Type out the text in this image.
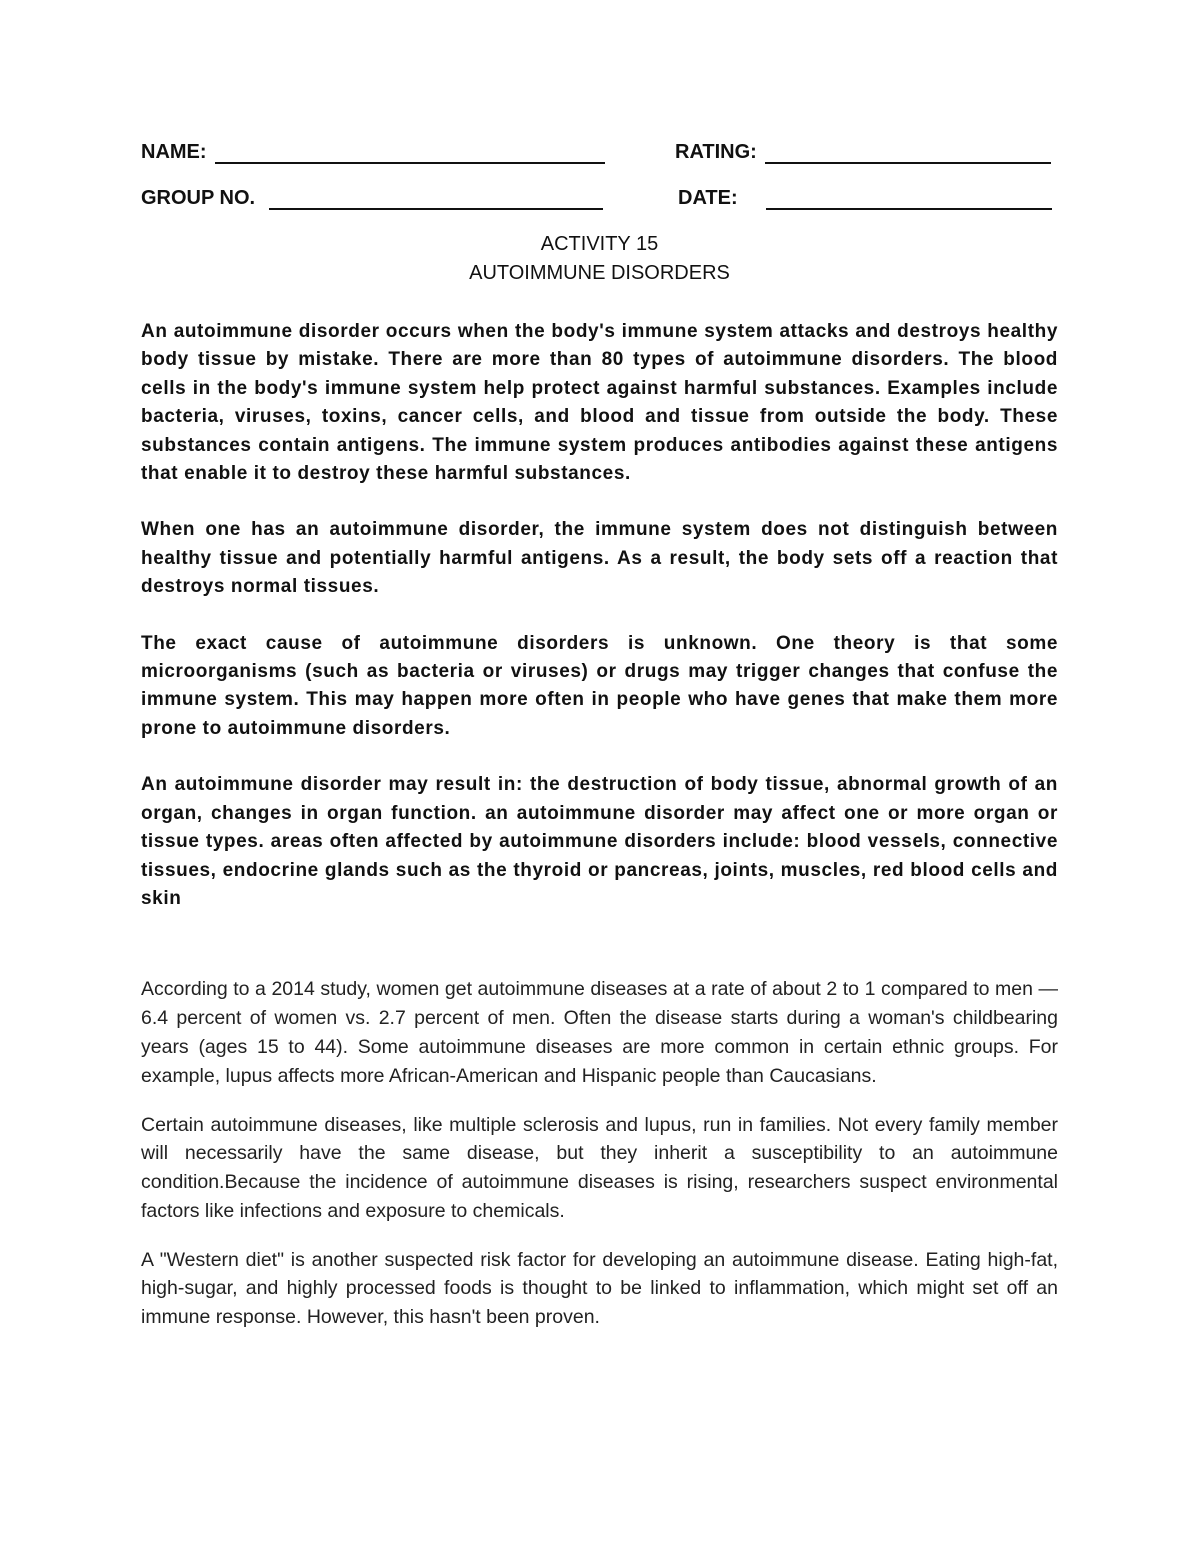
NAME:	RATING:
GROUP NO.	DATE:
ACTIVITY 15
AUTOIMMUNE DISORDERS

An autoimmune disorder occurs when the body's immune system attacks and destroys healthy body tissue by mistake. There are more than 80 types of autoimmune disorders. The blood cells in the body's immune system help protect against harmful substances. Examples include bacteria, viruses, toxins, cancer cells, and blood and tissue from outside the body. These substances contain antigens. The immune system produces antibodies against these antigens that enable it to destroy these harmful substances.

When one has an autoimmune disorder, the immune system does not distinguish between healthy tissue and potentially harmful antigens. As a result, the body sets off a reaction that destroys normal tissues.

The exact cause of autoimmune disorders is unknown. One theory is that some microorganisms (such as bacteria or viruses) or drugs may trigger changes that confuse the immune system. This may happen more often in people who have genes that make them more prone to autoimmune disorders.

An autoimmune disorder may result in: the destruction of body tissue, abnormal growth of an organ, changes in organ function. an autoimmune disorder may affect one or more organ or tissue types. areas often affected by autoimmune disorders include: blood vessels, connective tissues, endocrine glands such as the thyroid or pancreas, joints, muscles, red blood cells and skin

According to a 2014 study, women get autoimmune diseases at a rate of about 2 to 1 compared to men — 6.4 percent of women vs. 2.7 percent of men. Often the disease starts during a woman's childbearing years (ages 15 to 44). Some autoimmune diseases are more common in certain ethnic groups. For example, lupus affects more African-American and Hispanic people than Caucasians.

Certain autoimmune diseases, like multiple sclerosis and lupus, run in families. Not every family member will necessarily have the same disease, but they inherit a susceptibility to an autoimmune condition.Because the incidence of autoimmune diseases is rising, researchers suspect environmental factors like infections and exposure to chemicals.

A "Western diet" is another suspected risk factor for developing an autoimmune disease. Eating high-fat, high-sugar, and highly processed foods is thought to be linked to inflammation, which might set off an immune response. However, this hasn't been proven.
